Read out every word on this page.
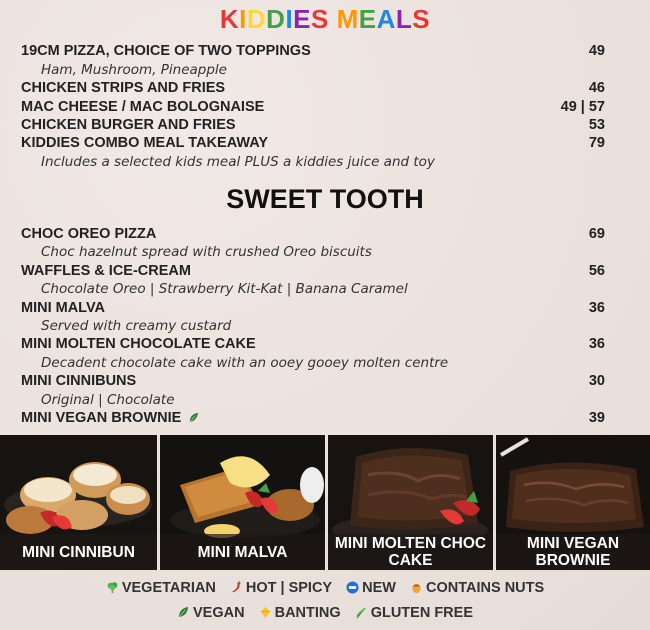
KIDDIES MEALS
19CM PIZZA, CHOICE OF TWO TOPPINGS	49
Ham, Mushroom, Pineapple
CHICKEN STRIPS AND FRIES	46
MAC CHEESE / MAC BOLOGNAISE	49 | 57
CHICKEN BURGER AND FRIES	53
KIDDIES COMBO MEAL TAKEAWAY	79
Includes a selected kids meal PLUS a kiddies juice and toy
SWEET TOOTH
CHOC OREO PIZZA	69
Choc hazelnut spread with crushed Oreo biscuits
WAFFLES & ICE-CREAM	56
Chocolate Oreo | Strawberry Kit-Kat | Banana Caramel
MINI MALVA	36
Served with creamy custard
MINI MOLTEN CHOCOLATE CAKE	36
Decadent chocolate cake with an ooey gooey molten centre
MINI CINNIBUNS	30
Original | Chocolate
MINI VEGAN BROWNIE	39
MINI CINNIBUN	MINI MALVA	MINI MOLTEN CHOC CAKE
MINI VEGAN BROWNIE
VEGETARIAN HOT | SPICY NEW CONTAINS NUTS
VEGAN BANTING GLUTEN FREE
